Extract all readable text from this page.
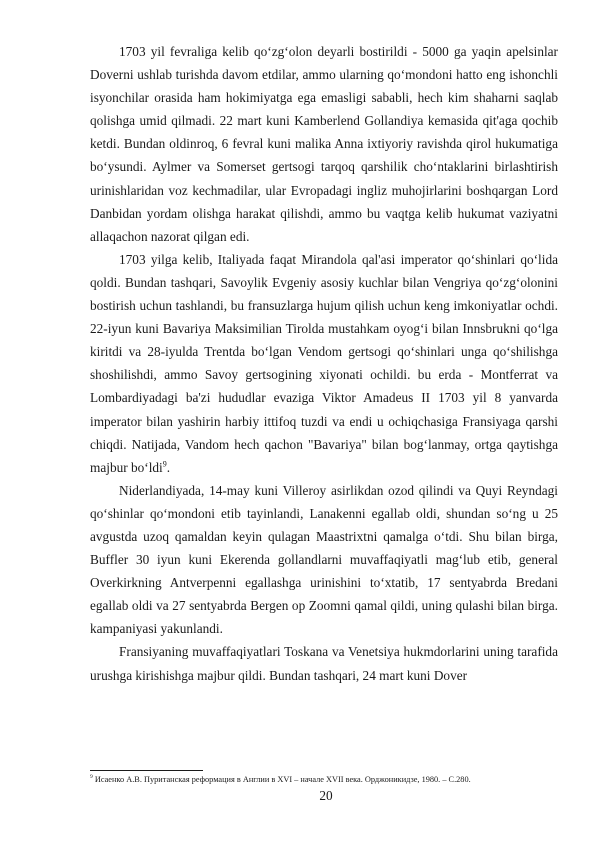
1703 yil fevraliga kelib qo‘zg‘olon deyarli bostirildi - 5000 ga yaqin apelsinlar Doverni ushlab turishda davom etdilar, ammo ularning qo‘mondoni hatto eng ishonchli isyonchilar orasida ham hokimiyatga ega emasligi sababli, hech kim shaharni saqlab qolishga umid qilmadi. 22 mart kuni Kamberlend Gollandiya kemasida qit'aga qochib ketdi. Bundan oldinroq, 6 fevral kuni malika Anna ixtiyoriy ravishda qirol hukumatiga bo‘ysundi. Aylmer va Somerset gertsogi tarqoq qarshilik cho‘ntaklarini birlashtirish urinishlaridan voz kechmadilar, ular Evropadagi ingliz muhojirlarini boshqargan Lord Danbidan yordam olishga harakat qilishdi, ammo bu vaqtga kelib hukumat vaziyatni allaqachon nazorat qilgan edi.

1703 yilga kelib, Italiyada faqat Mirandola qal'asi imperator qo‘shinlari qo‘lida qoldi. Bundan tashqari, Savoylik Evgeniy asosiy kuchlar bilan Vengriya qo‘zg‘olonini bostirish uchun tashlandi, bu fransuzlarga hujum qilish uchun keng imkoniyatlar ochdi. 22-iyun kuni Bavariya Maksimilian Tirolda mustahkam oyog‘i bilan Innsbrukni qo‘lga kiritdi va 28-iyulda Trentda bo‘lgan Vendom gertsogi qo‘shinlari unga qo‘shilishga shoshilishdi, ammo Savoy gertsogining xiyonati ochildi. bu erda - Montferrat va Lombardiyadagi ba'zi hududlar evaziga Viktor Amadeus II 1703 yil 8 yanvarda imperator bilan yashirin harbiy ittifoq tuzdi va endi u ochiqchasiga Fransiyaga qarshi chiqdi. Natijada, Vandom hech qachon "Bavariya" bilan bog‘lanmay, ortga qaytishga majbur bo‘ldi$^9$.

Niderlandiyada, 14-may kuni Villeroy asirlikdan ozod qilindi va Quyi Reyndagi qo‘shinlar qo‘mondoni etib tayinlandi, Lanakenni egallab oldi, shundan so‘ng u 25 avgustda uzoq qamaldan keyin qulagan Maastrixtni qamalga o‘tdi. Shu bilan birga, Buffler 30 iyun kuni Ekerenda gollandlarni muvaffaqiyatli mag‘lub etib, general Overkirkning Antverpenni egallashga urinishini to‘xtatib, 17 sentyabrda Bredani egallab oldi va 27 sentyabrda Bergen op Zoomni qamal qildi, uning qulashi bilan birga. kampaniyasi yakunlandi.

Fransiyaning muvaffaqiyatlari Toskana va Venetsiya hukmdorlarini uning tarafida urushga kirishishga majbur qildi. Bundan tashqari, 24 mart kuni Dover

$^9$ Исаенко А.В. Пуританская реформация в Англии в XVI – начале XVII века. Орджоникидзе, 1980. – С.280.
20
